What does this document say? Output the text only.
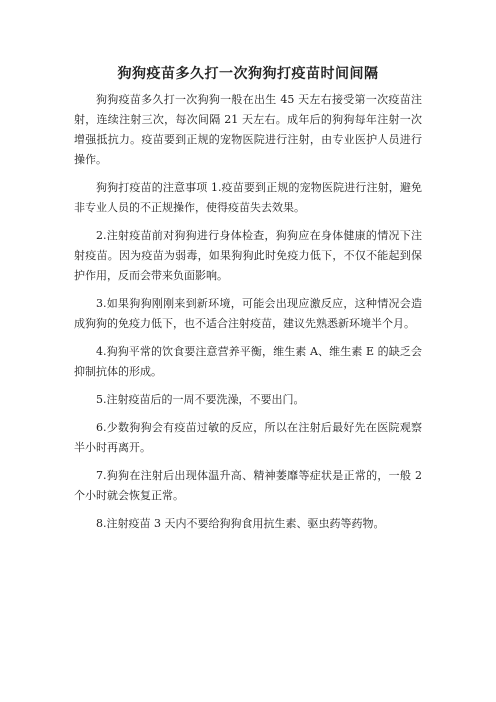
狗狗疫苗多久打一次狗狗打疫苗时间间隔

狗狗疫苗多久打一次狗狗一般在出生 45 天左右接受第一次疫苗注射，连续注射三次，每次间隔 21 天左右。成年后的狗狗每年注射一次增强抵抗力。疫苗要到正规的宠物医院进行注射，由专业医护人员进行操作。

狗狗打疫苗的注意事项 1.疫苗要到正规的宠物医院进行注射，避免非专业人员的不正规操作，使得疫苗失去效果。

2.注射疫苗前对狗狗进行身体检查，狗狗应在身体健康的情况下注射疫苗。因为疫苗为弱毒，如果狗狗此时免疫力低下，不仅不能起到保护作用，反而会带来负面影响。

3.如果狗狗刚刚来到新环境，可能会出现应激反应，这种情况会造成狗狗的免疫力低下，也不适合注射疫苗，建议先熟悉新环境半个月。

4.狗狗平常的饮食要注意营养平衡，维生素 A、维生素 E 的缺乏会抑制抗体的形成。

5.注射疫苗后的一周不要洗澡，不要出门。

6.少数狗狗会有疫苗过敏的反应，所以在注射后最好先在医院观察半小时再离开。

7.狗狗在注射后出现体温升高、精神萎靡等症状是正常的，一般 2 个小时就会恢复正常。

8.注射疫苗 3 天内不要给狗狗食用抗生素、驱虫药等药物。
